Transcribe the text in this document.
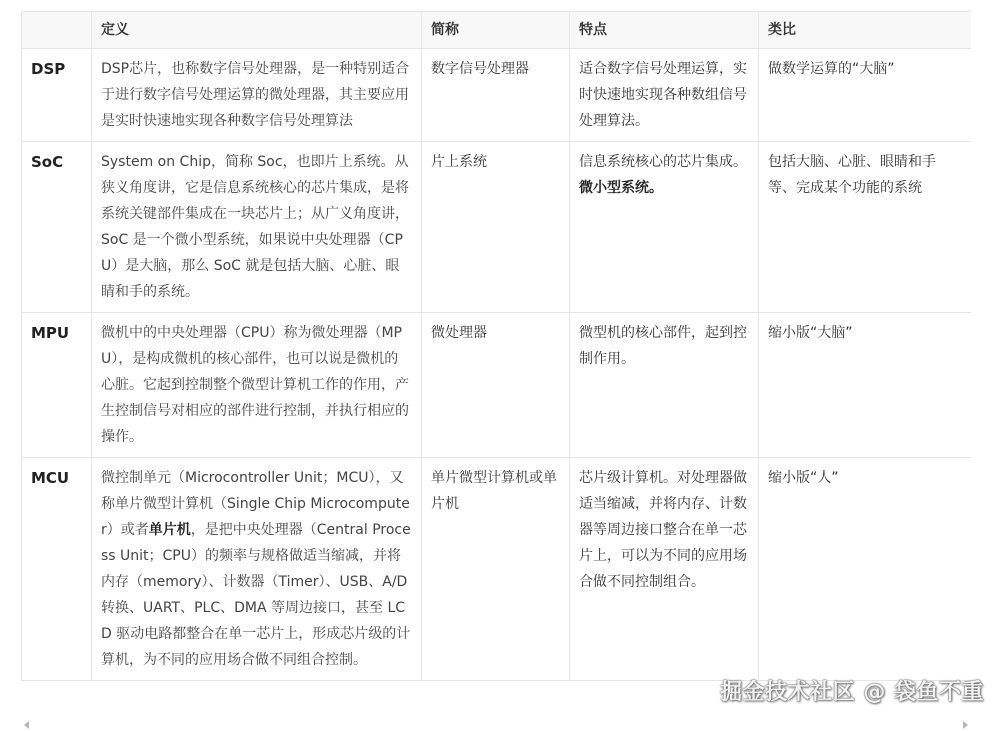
	定义	简称	特点	类比
DSP	DSP芯片，也称数字信号处理器，是一种特别适合于进行数字信号处理运算的微处理器，其主要应用是实时快速地实现各种数字信号处理算法	数字信号处理器	适合数字信号处理运算，实时快速地实现各种数组信号处理算法。	做数学运算的“大脑”
SoC	System on Chip，简称 Soc，也即片上系统。从狭义角度讲，它是信息系统核心的芯片集成，是将系统关键部件集成在一块芯片上；从广义角度讲，SoC 是一个微小型系统，如果说中央处理器（CPU）是大脑，那么 SoC 就是包括大脑、心脏、眼睛和手的系统。	片上系统	信息系统核心的芯片集成。微小型系统。	包括大脑、心脏、眼睛和手等、完成某个功能的系统
MPU	微机中的中央处理器（CPU）称为微处理器（MPU），是构成微机的核心部件，也可以说是微机的心脏。它起到控制整个微型计算机工作的作用，产生控制信号对相应的部件进行控制，并执行相应的操作。	微处理器	微型机的核心部件，起到控制作用。	缩小版“大脑”
MCU	微控制单元（Microcontroller Unit；MCU），又称单片微型计算机（Single Chip Microcomputer）或者单片机，是把中央处理器（Central Process Unit；CPU）的频率与规格做适当缩减，并将内存（memory）、计数器（Timer）、USB、A/D转换、UART、PLC、DMA 等周边接口，甚至 LCD 驱动电路都整合在单一芯片上，形成芯片级的计算机，为不同的应用场合做不同组合控制。	单片微型计算机或单片机	芯片级计算机。对处理器做适当缩减，并将内存、计数器等周边接口整合在单一芯片上，可以为不同的应用场合做不同控制组合。	缩小版“人”
掘金技术社区 @ 袋鱼不重
